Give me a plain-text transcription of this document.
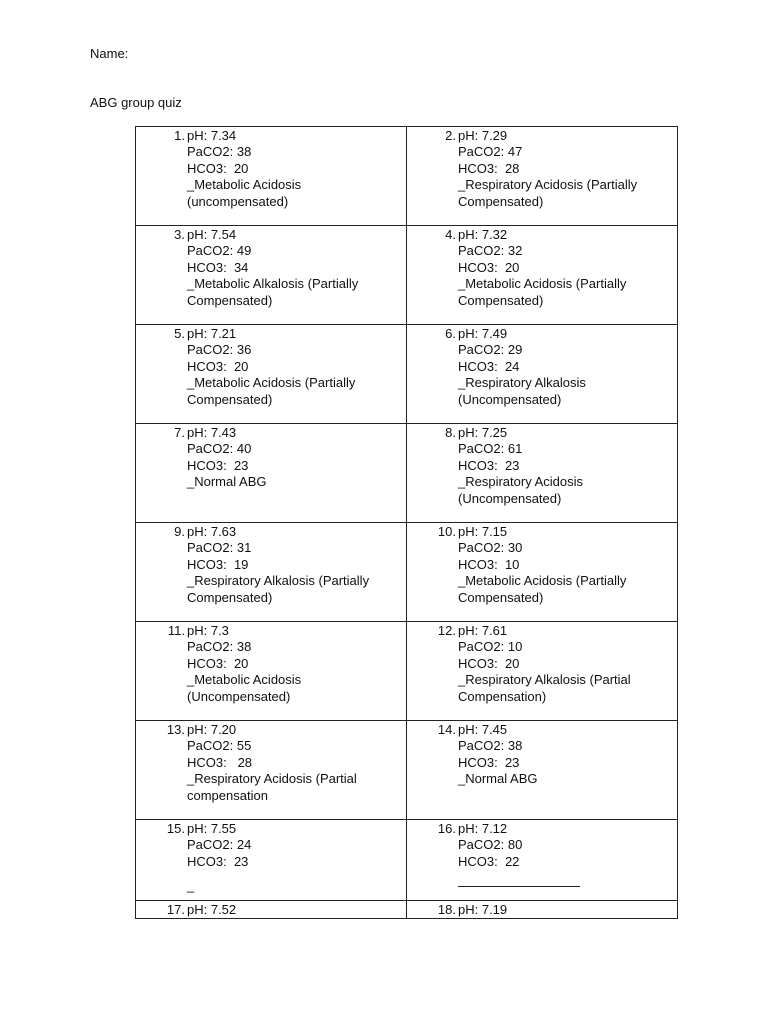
Name:
ABG group quiz
1. pH: 7.34
PaCO2: 38
HCO3:  20
_Metabolic Acidosis (uncompensated)	2. pH: 7.29
PaCO2: 47
HCO3:  28
_Respiratory Acidosis (Partially Compensated)

3. pH: 7.54
PaCO2: 49
HCO3:  34
_Metabolic Alkalosis (Partially Compensated)	4. pH: 7.32
PaCO2: 32
HCO3:  20
_Metabolic Acidosis (Partially Compensated)

5. pH: 7.21
PaCO2: 36
HCO3:  20
_Metabolic Acidosis (Partially Compensated)	6. pH: 7.49
PaCO2: 29
HCO3:  24
_Respiratory Alkalosis (Uncompensated)

7. pH: 7.43
PaCO2: 40
HCO3:  23
_Normal ABG	8. pH: 7.25
PaCO2: 61
HCO3:  23
_Respiratory Acidosis (Uncompensated)

9. pH: 7.63
PaCO2: 31
HCO3:  19
_Respiratory Alkalosis (Partially Compensated)	10. pH: 7.15
PaCO2: 30
HCO3:  10
_Metabolic Acidosis (Partially Compensated)

11. pH: 7.3
PaCO2: 38
HCO3:  20
_Metabolic Acidosis (Uncompensated)	12. pH: 7.61
PaCO2: 10
HCO3:  20
_Respiratory Alkalosis (Partial Compensation)

13. pH: 7.20
PaCO2: 55
HCO3:   28
_Respiratory Acidosis (Partial compensation	14. pH: 7.45
PaCO2: 38
HCO3:  23
_Normal ABG

15. pH: 7.55
PaCO2: 24
HCO3:  23
_	16. pH: 7.12
PaCO2: 80
HCO3:  22

17. pH: 7.52	18. pH: 7.19
